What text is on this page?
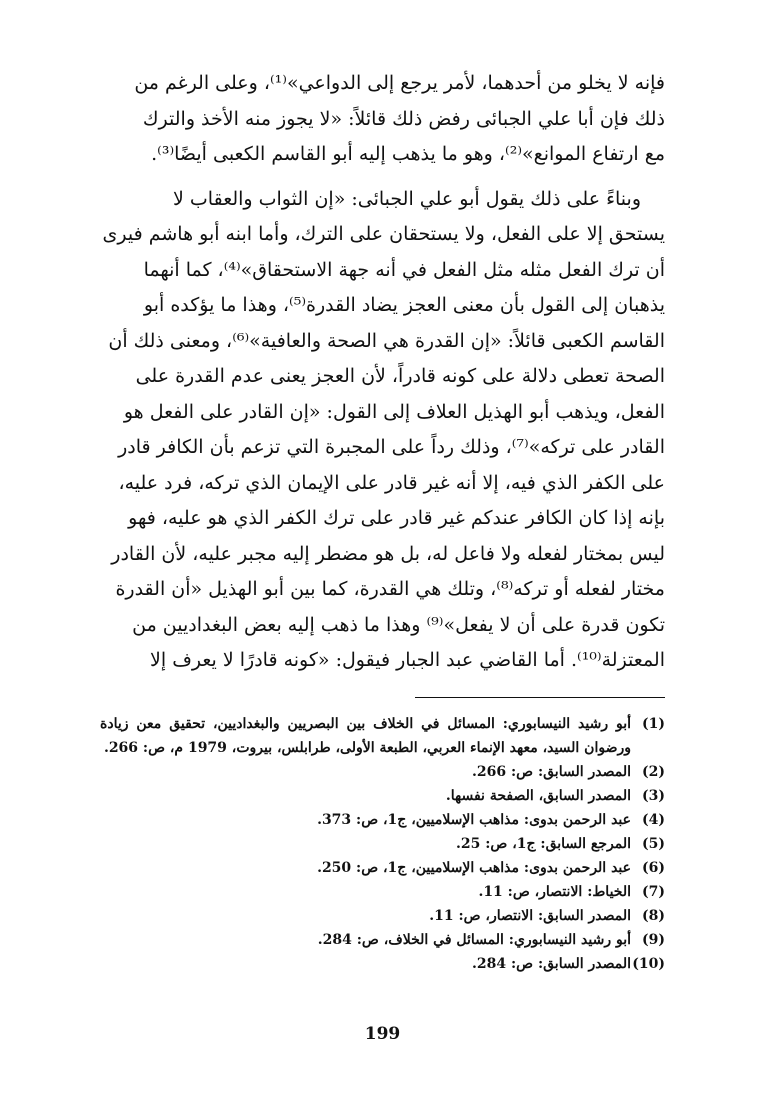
فإنه لا يخلو من أحدهما، لأمر يرجع إلى الدواعي»⁽¹⁾، وعلى الرغم من
ذلك فإن أبا علي الجبائى رفض ذلك قائلاً: «لا يجوز منه الأخذ والترك
مع ارتفاع الموانع»⁽²⁾، وهو ما يذهب إليه أبو القاسم الكعبى أيضًا⁽³⁾.

وبناءً على ذلك يقول أبو علي الجبائى: «إن الثواب والعقاب لا
يستحق إلا على الفعل، ولا يستحقان على الترك، وأما ابنه أبو هاشم فيرى
أن ترك الفعل مثله مثل الفعل في أنه جهة الاستحقاق»⁽⁴⁾، كما أنهما
يذهبان إلى القول بأن معنى العجز يضاد القدرة⁽⁵⁾، وهذا ما يؤكده أبو
القاسم الكعبى قائلاً: «إن القدرة هي الصحة والعافية»⁽⁶⁾، ومعنى ذلك أن
الصحة تعطى دلالة على كونه قادراً، لأن العجز يعنى عدم القدرة على
الفعل، ويذهب أبو الهذيل العلاف إلى القول: «إن القادر على الفعل هو
القادر على تركه»⁽⁷⁾، وذلك رداً على المجبرة التي تزعم بأن الكافر قادر
على الكفر الذي فيه، إلا أنه غير قادر على الإيمان الذي تركه، فرد عليه،
بإنه إذا كان الكافر عندكم غير قادر على ترك الكفر الذي هو عليه، فهو
ليس بمختار لفعله ولا فاعل له، بل هو مضطر إليه مجبر عليه، لأن القادر
مختار لفعله أو تركه⁽⁸⁾، وتلك هي القدرة، كما بين أبو الهذيل «أن القدرة
تكون قدرة على أن لا يفعل»⁽⁹⁾ وهذا ما ذهب إليه بعض البغداديين من
المعتزلة⁽¹⁰⁾. أما القاضي عبد الجبار فيقول: «كونه قادرًا لا يعرف إلا

(1)
أبو رشيد النيسابوري: المسائل في الخلاف بين البصريين والبغداديين، تحقيق معن زيادة ورضوان السيد، معهد الإنماء العربي، الطبعة الأولى، طرابلس، بيروت، 1979 م، ص: 266.
(2)
المصدر السابق: ص: 266.
(3)
المصدر السابق، الصفحة نفسها.
(4)
عبد الرحمن بدوى: مذاهب الإسلاميين، ج1، ص: 373.
(5)
المرجع السابق: ج1، ص: 25.
(6)
عبد الرحمن بدوى: مذاهب الإسلاميين، ج1، ص: 250.
(7)
الخياط: الانتصار، ص: 11.
(8)
المصدر السابق: الانتصار، ص: 11.
(9)
أبو رشيد النيسابوري: المسائل في الخلاف، ص: 284.
(10)
المصدر السابق: ص: 284.
199
